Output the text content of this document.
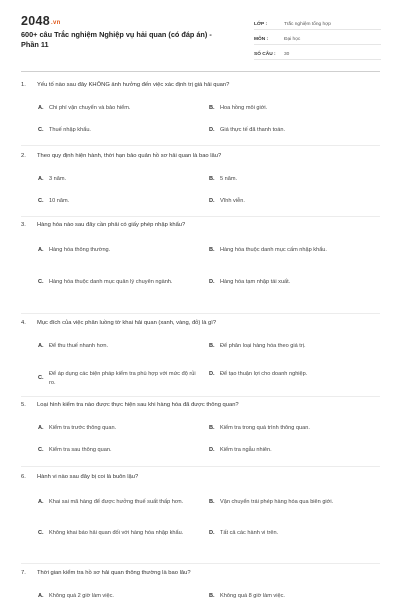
2048.vn
600+ câu Trắc nghiệm Nghiệp vụ hải quan (có đáp án) - Phần 11
LỚP :	Trắc nghiệm tổng hợp
MÔN :	Đại học
SỐ CÂU :	30
1. Yếu tố nào sau đây KHÔNG ảnh hưởng đến việc xác định trị giá hải quan?
A. Chi phí vận chuyển và bảo hiểm.	B. Hoa hồng môi giới.
C. Thuế nhập khẩu.	D. Giá thực tế đã thanh toán.
2. Theo quy định hiện hành, thời hạn bảo quản hồ sơ hải quan là bao lâu?
A. 3 năm.	B. 5 năm.
C. 10 năm.	D. Vĩnh viễn.
3. Hàng hóa nào sau đây cần phải có giấy phép nhập khẩu?
A. Hàng hóa thông thường.	B. Hàng hóa thuộc danh mục cấm nhập khẩu.
C. Hàng hóa thuộc danh mục quản lý chuyên ngành.	D. Hàng hóa tạm nhập tái xuất.
4. Mục đích của việc phân luồng tờ khai hải quan (xanh, vàng, đỏ) là gì?
A. Để thu thuế nhanh hơn.	B. Để phân loại hàng hóa theo giá trị.
C.
Để áp dụng các biện pháp kiểm tra phù hợp với mức độ rủi ro.
D. Để tạo thuận lợi cho doanh nghiệp.
5. Loại hình kiểm tra nào được thực hiện sau khi hàng hóa đã được thông quan?
A. Kiểm tra trước thông quan.	B. Kiểm tra trong quá trình thông quan.
C. Kiểm tra sau thông quan.	D. Kiểm tra ngẫu nhiên.
6. Hành vi nào sau đây bị coi là buôn lậu?
A. Khai sai mã hàng để được hưởng thuế suất thấp hơn.	B. Vận chuyển trái phép hàng hóa qua biên giới.
C. Không khai báo hải quan đối với hàng hóa nhập khẩu.	D. Tất cả các hành vi trên.
7. Thời gian kiểm tra hồ sơ hải quan thông thường là bao lâu?
A. Không quá 2 giờ làm việc.	B. Không quá 8 giờ làm việc.
